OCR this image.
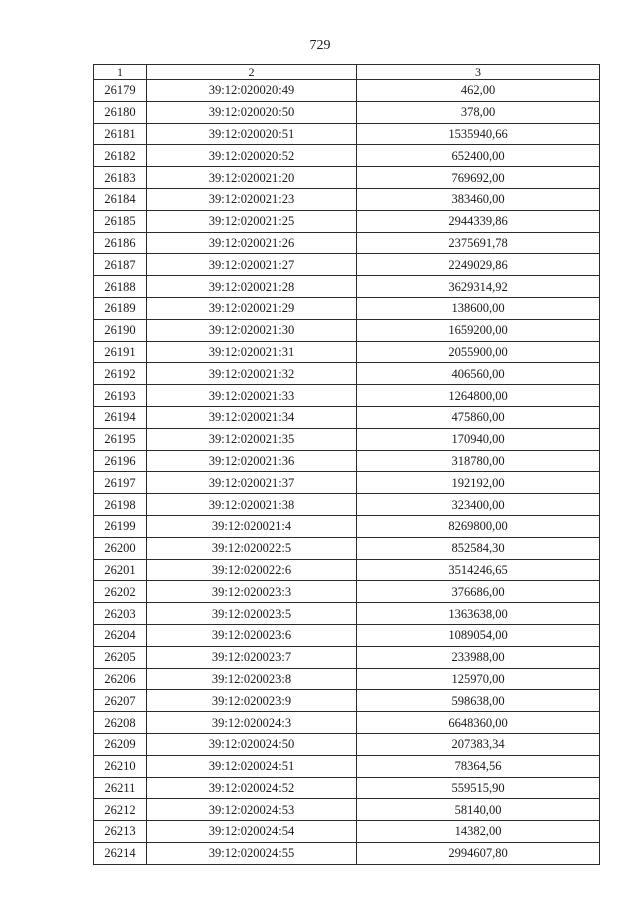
729
1	2	3
26179	39:12:020020:49	462,00
26180	39:12:020020:50	378,00
26181	39:12:020020:51	1535940,66
26182	39:12:020020:52	652400,00
26183	39:12:020021:20	769692,00
26184	39:12:020021:23	383460,00
26185	39:12:020021:25	2944339,86
26186	39:12:020021:26	2375691,78
26187	39:12:020021:27	2249029,86
26188	39:12:020021:28	3629314,92
26189	39:12:020021:29	138600,00
26190	39:12:020021:30	1659200,00
26191	39:12:020021:31	2055900,00
26192	39:12:020021:32	406560,00
26193	39:12:020021:33	1264800,00
26194	39:12:020021:34	475860,00
26195	39:12:020021:35	170940,00
26196	39:12:020021:36	318780,00
26197	39:12:020021:37	192192,00
26198	39:12:020021:38	323400,00
26199	39:12:020021:4	8269800,00
26200	39:12:020022:5	852584,30
26201	39:12:020022:6	3514246,65
26202	39:12:020023:3	376686,00
26203	39:12:020023:5	1363638,00
26204	39:12:020023:6	1089054,00
26205	39:12:020023:7	233988,00
26206	39:12:020023:8	125970,00
26207	39:12:020023:9	598638,00
26208	39:12:020024:3	6648360,00
26209	39:12:020024:50	207383,34
26210	39:12:020024:51	78364,56
26211	39:12:020024:52	559515,90
26212	39:12:020024:53	58140,00
26213	39:12:020024:54	14382,00
26214	39:12:020024:55	2994607,80
